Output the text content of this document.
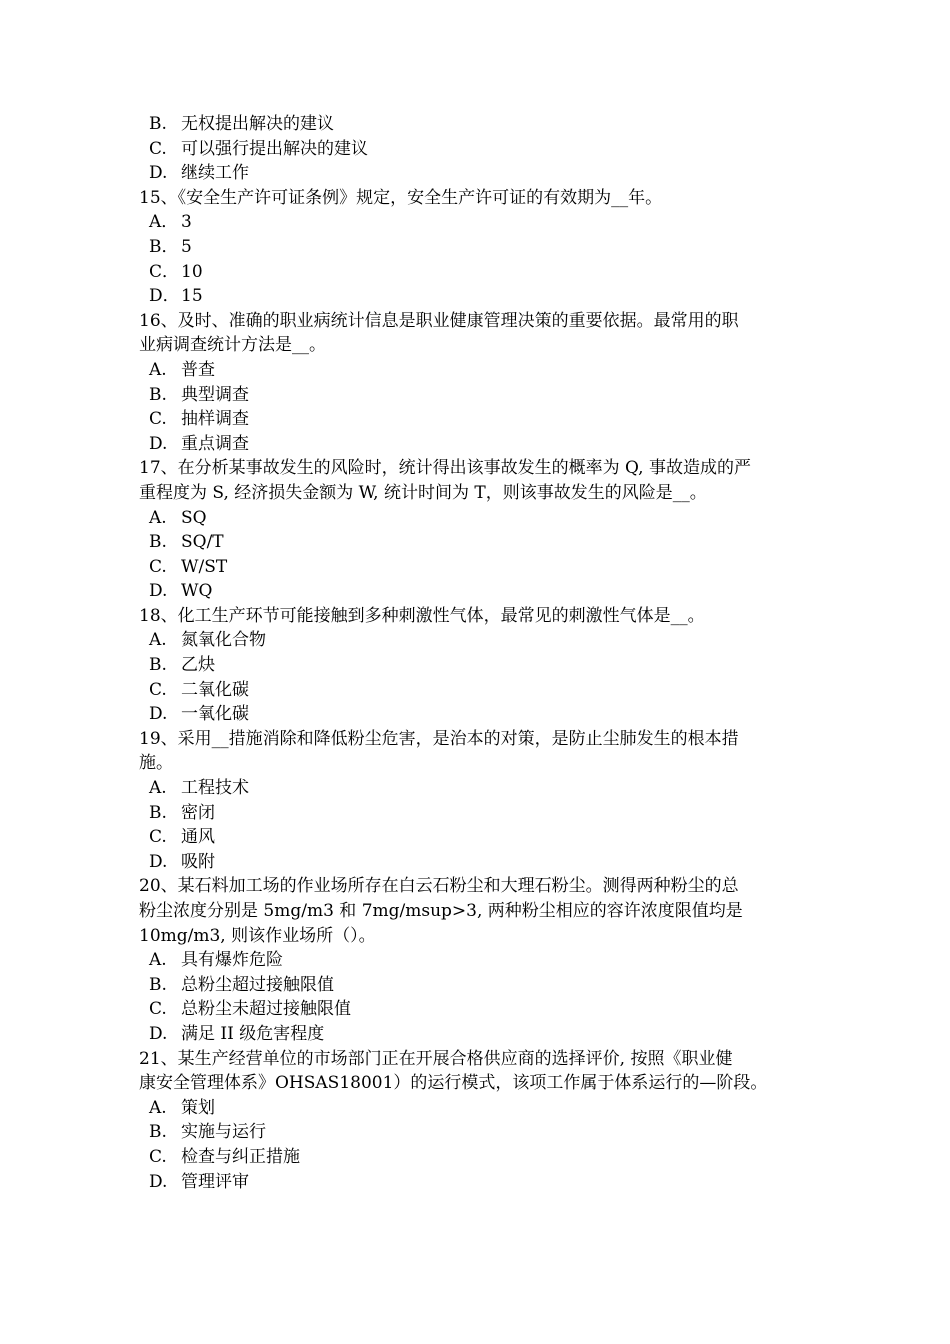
B. 无权提出解决的建议
C. 可以强行提出解决的建议
D. 继续工作
15、《安全生产许可证条例》规定，安全生产许可证的有效期为__年。
A． 3
B． 5
C． 10
D．15
16、及时、准确的职业病统计信息是职业健康管理决策的重要依据。最常用的职
业病调查统计方法是__。
A. 普查
B. 典型调查
C. 抽样调查
D. 重点调查
17、在分析某事故发生的风险时，统计得出该事故发生的概率为 Q, 事故造成的严
重程度为 S, 经济损失金额为 W, 统计时间为 T，则该事故发生的风险是__。
A. SQ
B. SQ/T
C. W/ST
D. WQ
18、化工生产环节可能接触到多种刺激性气体，最常见的刺激性气体是__。
A. 氮氧化合物
B. 乙炔
C. 二氧化碳
D. 一氧化碳
19、采用__措施消除和降低粉尘危害，是治本的对策，是防止尘肺发生的根本措
施。
A. 工程技术
B. 密闭
C. 通风
D. 吸附
20、某石料加工场的作业场所存在白云石粉尘和大理石粉尘。测得两种粉尘的总
粉尘浓度分别是 5mg/m3 和 7mg/msup>3, 两种粉尘相应的容许浓度限值均是
10mg/m3, 则该作业场所（）。
A. 具有爆炸危险
B. 总粉尘超过接触限值
C. 总粉尘未超过接触限值
D. 满足 II 级危害程度
21、某生产经营单位的市场部门正在开展合格供应商的选择评价, 按照《职业健
康安全管理体系》OHSAS18001）的运行模式，该项工作属于体系运行的—阶段。
A. 策划
B. 实施与运行
C. 检查与纠正措施
D. 管理评审
